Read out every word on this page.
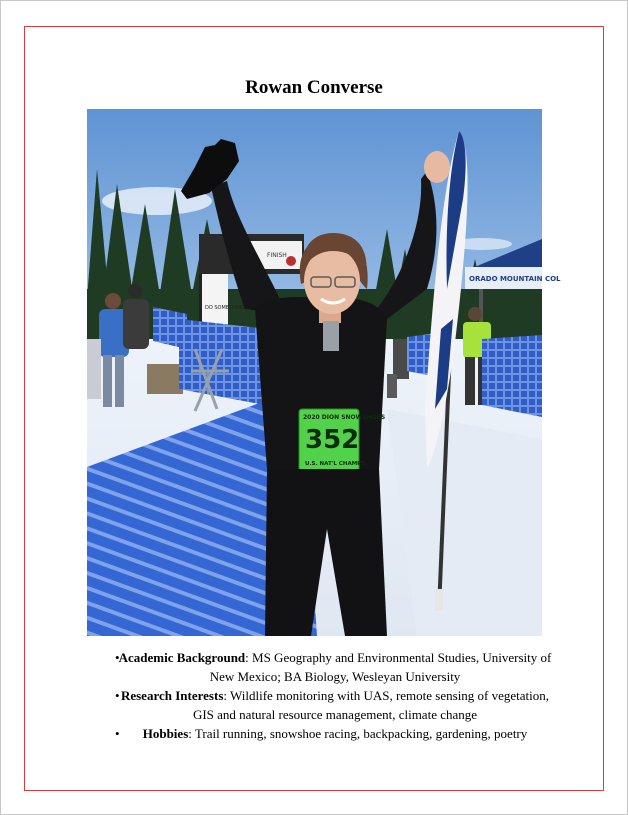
Rowan Converse
FINISH
DO SOMETHING
ORADO MOUNTAIN COL
2020 DION SNOWSHOES
352
U.S. NAT'L CHAMPS
• Academic Background: MS Geography and Environmental Studies, University of New Mexico; BA Biology, Wesleyan University
• Research Interests: Wildlife monitoring with UAS, remote sensing of vegetation, GIS and natural resource management, climate change
• Hobbies: Trail running, snowshoe racing, backpacking, gardening, poetry
